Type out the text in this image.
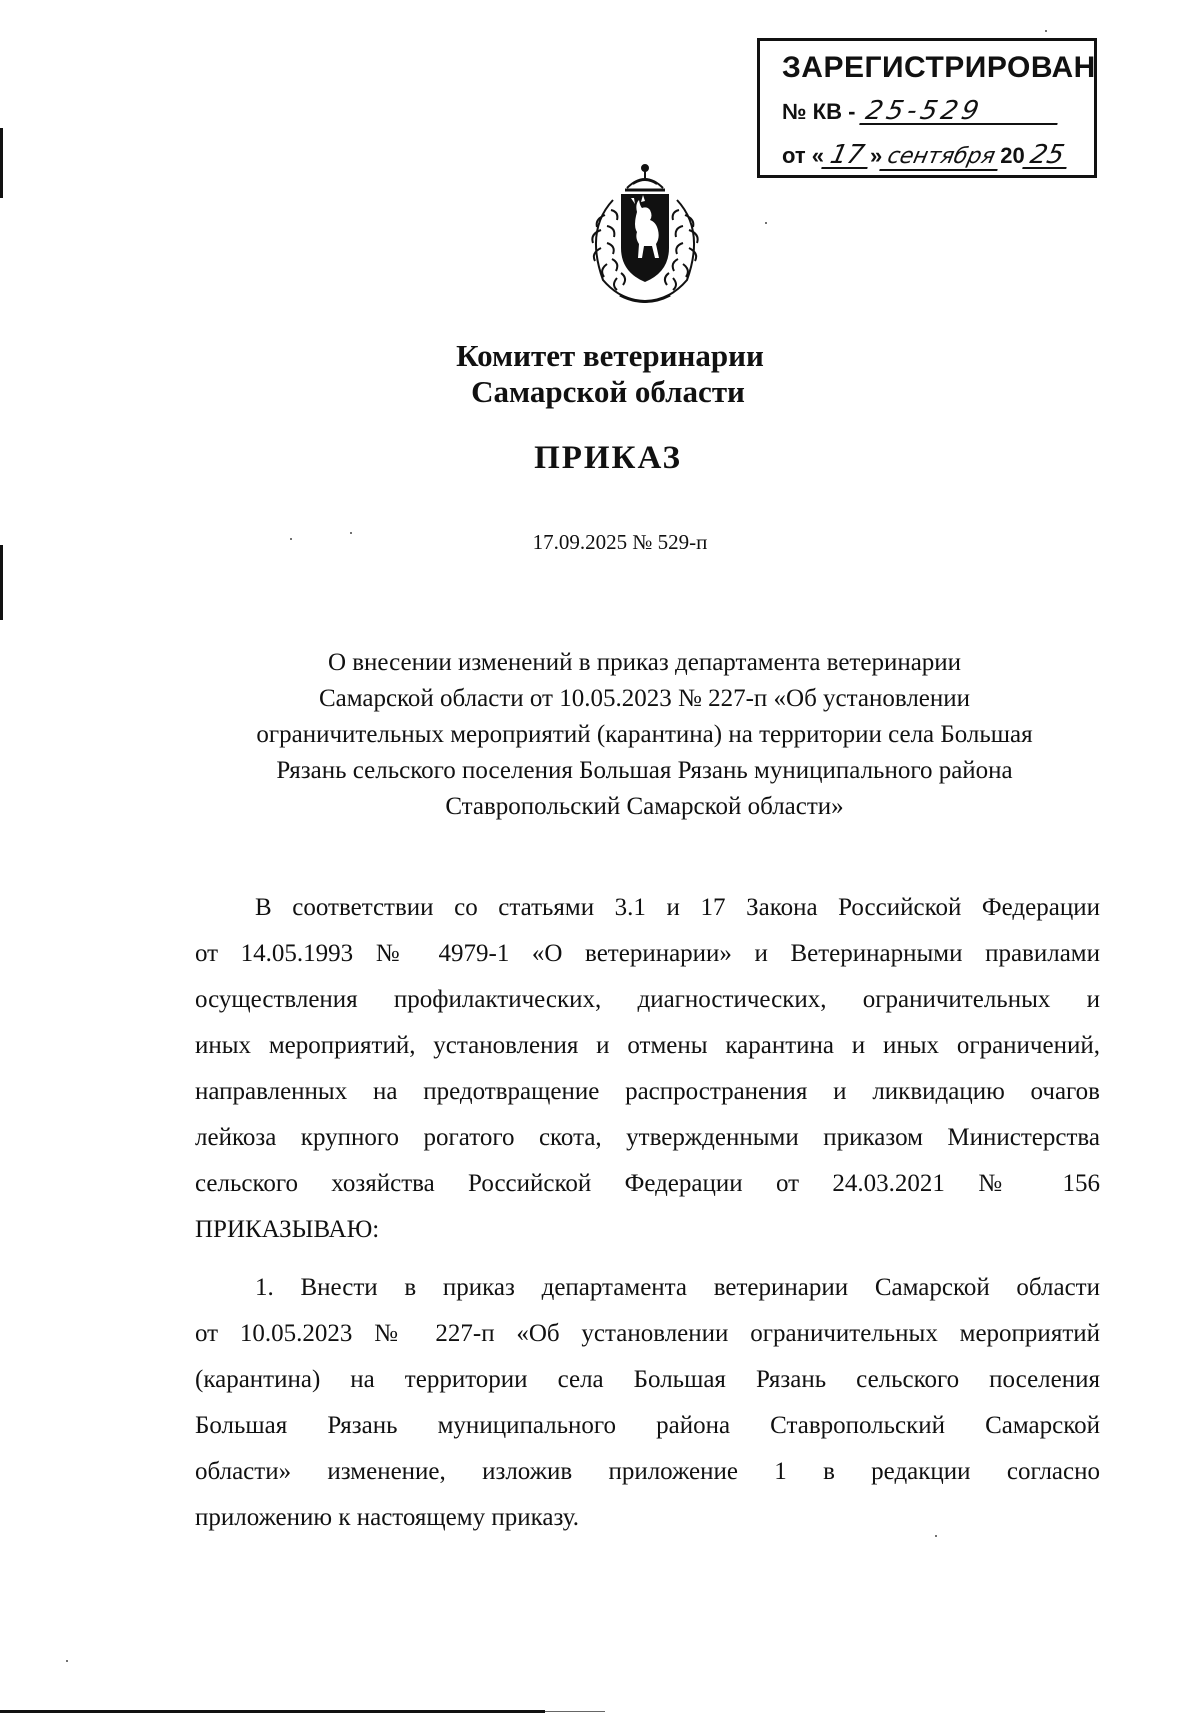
ЗАРЕГИСТРИРОВАН
№ КВ - 25-529
от « 17 » сентября 2025
Комитет ветеринарии
Самарской области
ПРИКАЗ
17.09.2025 № 529-п
О внесении изменений в приказ департамента ветеринарии
Самарской области от 10.05.2023 № 227-п «Об установлении
ограничительных мероприятий (карантина) на территории села Большая
Рязань сельского поселения Большая Рязань муниципального района
Ставропольский Самарской области»
В соответствии со статьями 3.1 и 17 Закона Российской Федерации
от 14.05.1993 № 4979-1 «О ветеринарии» и Ветеринарными правилами
осуществления профилактических, диагностических, ограничительных и
иных мероприятий, установления и отмены карантина и иных ограничений,
направленных на предотвращение распространения и ликвидацию очагов
лейкоза крупного рогатого скота, утвержденными приказом Министерства
сельского хозяйства Российской Федерации от 24.03.2021 № 156
ПРИКАЗЫВАЮ:
1. Внести в приказ департамента ветеринарии Самарской области
от 10.05.2023 № 227-п «Об установлении ограничительных мероприятий
(карантина) на территории села Большая Рязань сельского поселения
Большая Рязань муниципального района Ставропольский Самарской
области» изменение, изложив приложение 1 в редакции согласно
приложению к настоящему приказу.
